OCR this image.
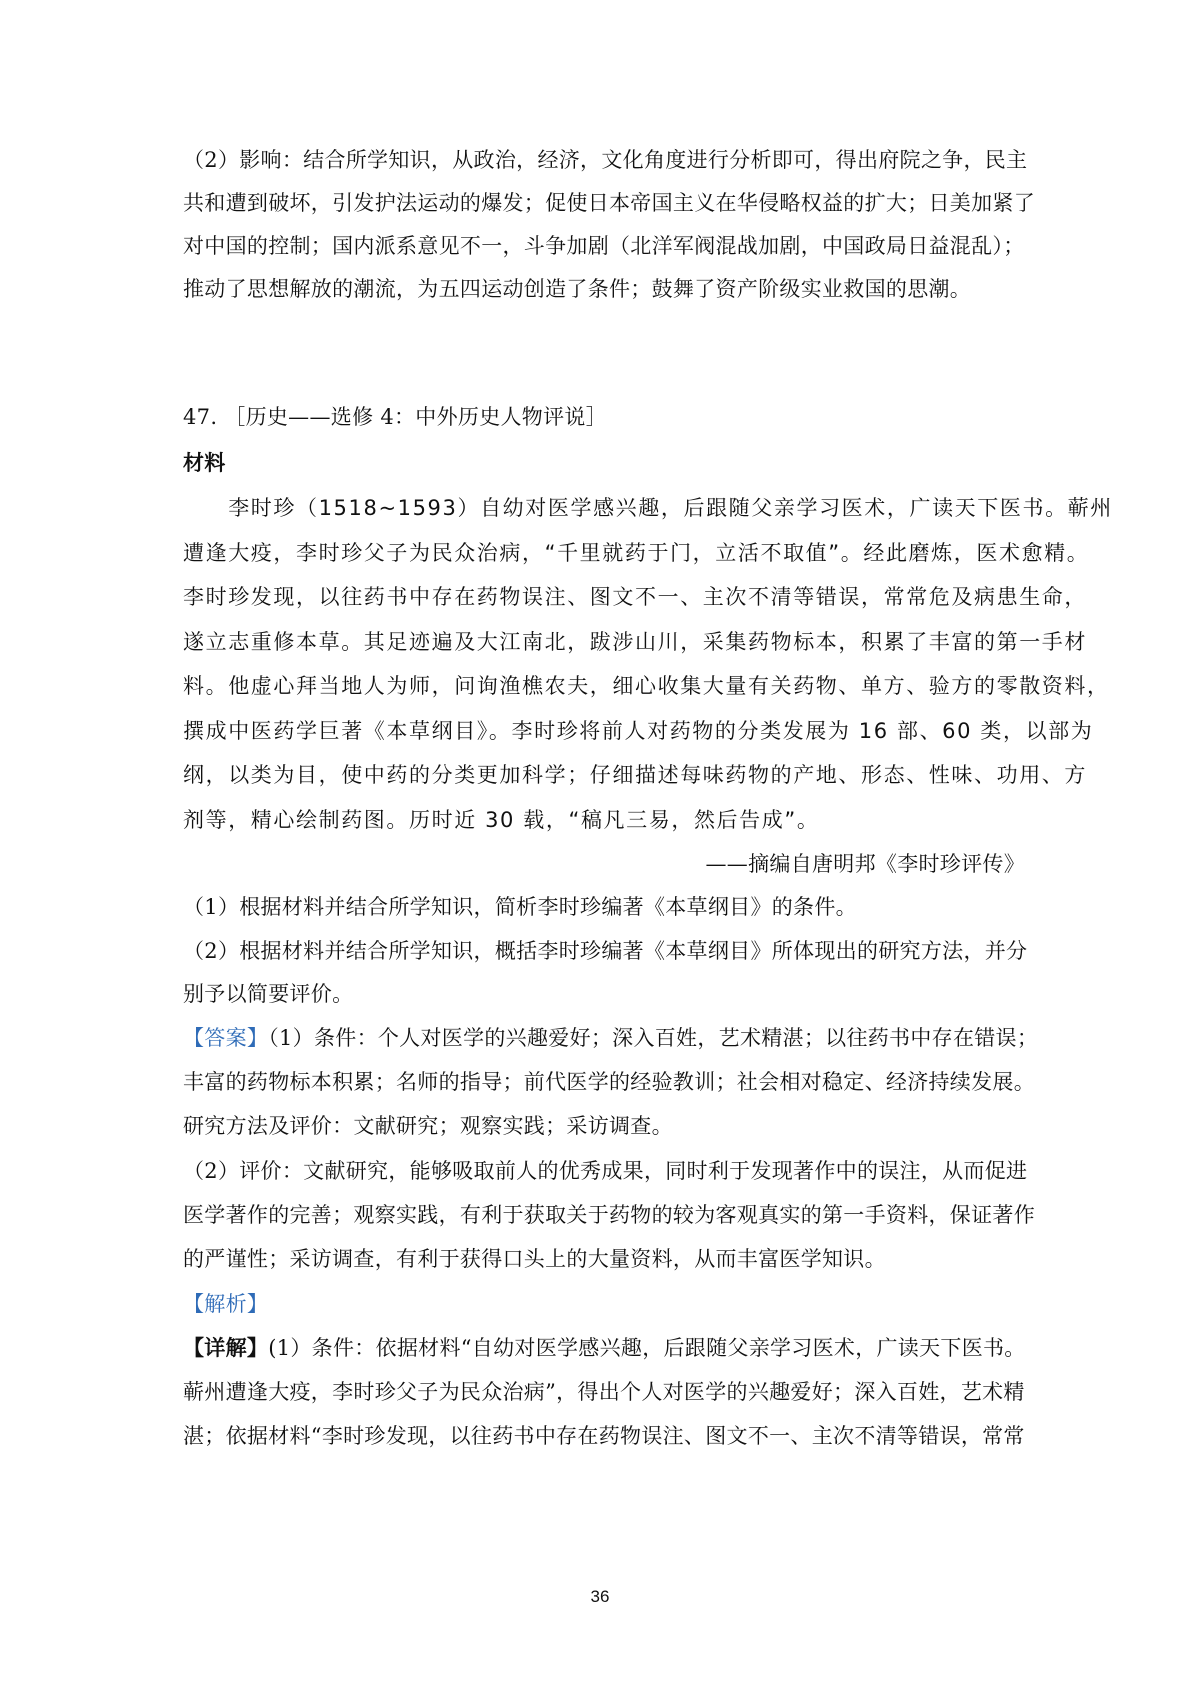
（2）影响：结合所学知识，从政治，经济，文化角度进行分析即可，得出府院之争，民主
共和遭到破坏，引发护法运动的爆发；促使日本帝国主义在华侵略权益的扩大；日美加紧了
对中国的控制；国内派系意见不一，斗争加剧（北洋军阀混战加剧，中国政局日益混乱）；
推动了思想解放的潮流，为五四运动创造了条件；鼓舞了资产阶级实业救国的思潮。
47. ［历史——选修 4：中外历史人物评说］
材料
　　李时珍（1518~1593）自幼对医学感兴趣，后跟随父亲学习医术，广读天下医书。蕲州
遭逢大疫，李时珍父子为民众治病，“千里就药于门，立活不取值”。经此磨炼，医术愈精。
李时珍发现，以往药书中存在药物误注、图文不一、主次不清等错误，常常危及病患生命，
遂立志重修本草。其足迹遍及大江南北，跋涉山川，采集药物标本，积累了丰富的第一手材
料。他虚心拜当地人为师，问询渔樵农夫，细心收集大量有关药物、单方、验方的零散资料，
撰成中医药学巨著《本草纲目》。李时珍将前人对药物的分类发展为 16 部、60 类，以部为
纲，以类为目，使中药的分类更加科学；仔细描述每味药物的产地、形态、性味、功用、方
剂等，精心绘制药图。历时近 30 载，“稿凡三易，然后告成”。
——摘编自唐明邦《李时珍评传》
（1）根据材料并结合所学知识，简析李时珍编著《本草纲目》的条件。
（2）根据材料并结合所学知识，概括李时珍编著《本草纲目》所体现出的研究方法，并分
别予以简要评价。
【答案】（1）条件：个人对医学的兴趣爱好；深入百姓，艺术精湛；以往药书中存在错误；
丰富的药物标本积累；名师的指导；前代医学的经验教训；社会相对稳定、经济持续发展。
研究方法及评价：文献研究；观察实践；采访调查。
（2）评价：文献研究，能够吸取前人的优秀成果，同时利于发现著作中的误注，从而促进
医学著作的完善；观察实践，有利于获取关于药物的较为客观真实的第一手资料，保证著作
的严谨性；采访调查，有利于获得口头上的大量资料，从而丰富医学知识。
【解析】
【详解】(1）条件：依据材料“自幼对医学感兴趣，后跟随父亲学习医术，广读天下医书。
蕲州遭逢大疫，李时珍父子为民众治病”，得出个人对医学的兴趣爱好；深入百姓，艺术精
湛；依据材料“李时珍发现，以往药书中存在药物误注、图文不一、主次不清等错误，常常
36
